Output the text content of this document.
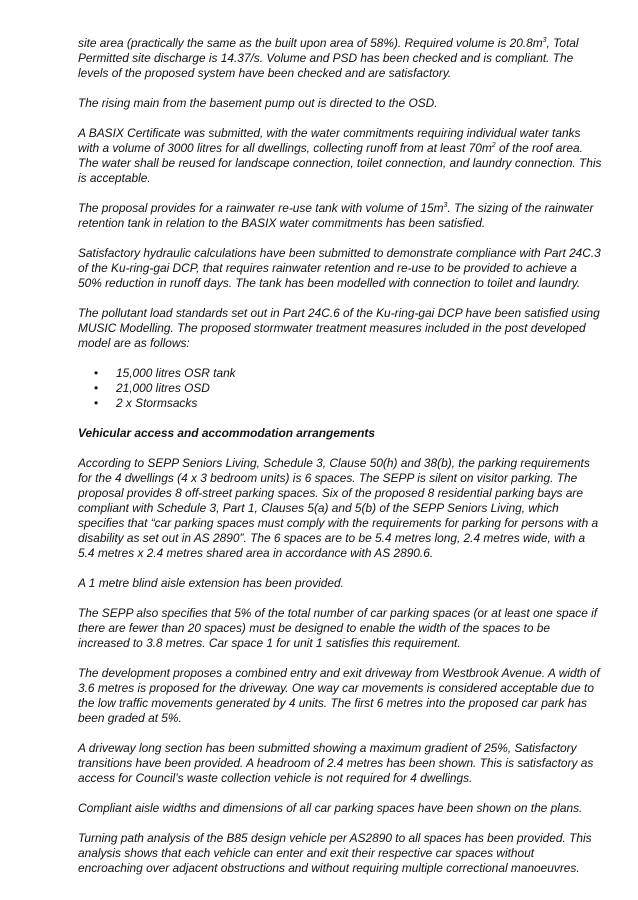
site area (practically the same as the built upon area of 58%). Required volume is $20.8m^3$, Total Permitted site discharge is 14.37/s. Volume and PSD has been checked and is compliant. The levels of the proposed system have been checked and are satisfactory.

The rising main from the basement pump out is directed to the OSD.

A BASIX Certificate was submitted, with the water commitments requiring individual water tanks with a volume of 3000 litres for all dwellings, collecting runoff from at least $70m^2$ of the roof area. The water shall be reused for landscape connection, toilet connection, and laundry connection. This is acceptable.

The proposal provides for a rainwater re-use tank with volume of $15m^3$. The sizing of the rainwater retention tank in relation to the BASIX water commitments has been satisfied.

Satisfactory hydraulic calculations have been submitted to demonstrate compliance with Part 24C.3 of the Ku-ring-gai DCP, that requires rainwater retention and re-use to be provided to achieve a 50% reduction in runoff days. The tank has been modelled with connection to toilet and laundry.

The pollutant load standards set out in Part 24C.6 of the Ku-ring-gai DCP have been satisfied using MUSIC Modelling. The proposed stormwater treatment measures included in the post developed model are as follows:

• 15,000 litres OSR tank
• 21,000 litres OSD
• 2 x Stormsacks
Vehicular access and accommodation arrangements

According to SEPP Seniors Living, Schedule 3, Clause 50(h) and 38(b), the parking requirements for the 4 dwellings (4 x 3 bedroom units) is 6 spaces. The SEPP is silent on visitor parking. The proposal provides 8 off-street parking spaces. Six of the proposed 8 residential parking bays are compliant with Schedule 3, Part 1, Clauses 5(a) and 5(b) of the SEPP Seniors Living, which specifies that “car parking spaces must comply with the requirements for parking for persons with a disability as set out in AS 2890”. The 6 spaces are to be 5.4 metres long, 2.4 metres wide, with a 5.4 metres x 2.4 metres shared area in accordance with AS 2890.6.

A 1 metre blind aisle extension has been provided.

The SEPP also specifies that 5% of the total number of car parking spaces (or at least one space if there are fewer than 20 spaces) must be designed to enable the width of the spaces to be increased to 3.8 metres. Car space 1 for unit 1 satisfies this requirement.

The development proposes a combined entry and exit driveway from Westbrook Avenue. A width of 3.6 metres is proposed for the driveway. One way car movements is considered acceptable due to the low traffic movements generated by 4 units. The first 6 metres into the proposed car park has been graded at 5%.

A driveway long section has been submitted showing a maximum gradient of 25%, Satisfactory transitions have been provided. A headroom of 2.4 metres has been shown. This is satisfactory as access for Council’s waste collection vehicle is not required for 4 dwellings.

Compliant aisle widths and dimensions of all car parking spaces have been shown on the plans.

Turning path analysis of the B85 design vehicle per AS2890 to all spaces has been provided. This analysis shows that each vehicle can enter and exit their respective car spaces without encroaching over adjacent obstructions and without requiring multiple correctional manoeuvres.
